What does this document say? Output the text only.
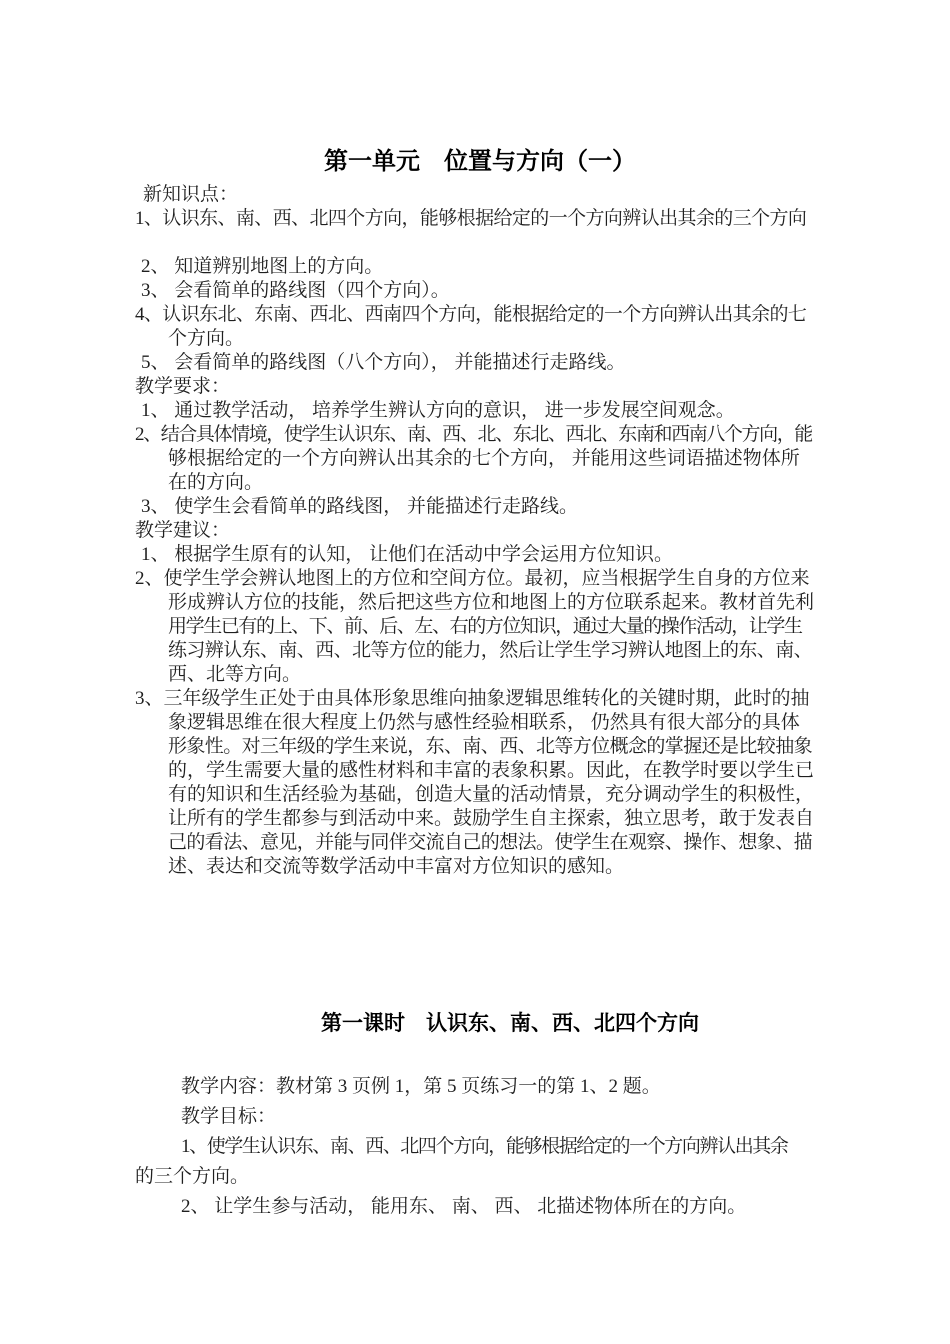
第一单元　位置与方向（一）
新知识点：
1、认识东、南、西、北四个方向，能够根据给定的一个方向辨认出其余的三个方向
2、 知道辨别地图上的方向。
3、 会看简单的路线图（四个方向）。
4、认识东北、东南、西北、西南四个方向，能根据给定的一个方向辨认出其余的七
个方向。
5、 会看简单的路线图（八个方向）， 并能描述行走路线。
教学要求：
1、 通过教学活动， 培养学生辨认方向的意识， 进一步发展空间观念。
2、结合具体情境，使学生认识东、南、西、北、东北、西北、东南和西南八个方向，能
够根据给定的一个方向辨认出其余的七个方向， 并能用这些词语描述物体所
在的方向。
3、 使学生会看简单的路线图， 并能描述行走路线。
教学建议：
1、 根据学生原有的认知， 让他们在活动中学会运用方位知识。
2、使学生学会辨认地图上的方位和空间方位。最初，应当根据学生自身的方位来
形成辨认方位的技能，然后把这些方位和地图上的方位联系起来。教材首先利
用学生已有的上、下、前、后、左、右的方位知识，通过大量的操作活动，让学生
练习辨认东、南、西、北等方位的能力，然后让学生学习辨认地图上的东、南、
西、北等方向。
3、三年级学生正处于由具体形象思维向抽象逻辑思维转化的关键时期，此时的抽
象逻辑思维在很大程度上仍然与感性经验相联系， 仍然具有很大部分的具体
形象性。对三年级的学生来说，东、南、西、北等方位概念的掌握还是比较抽象
的，学生需要大量的感性材料和丰富的表象积累。因此，在教学时要以学生已
有的知识和生活经验为基础，创造大量的活动情景，充分调动学生的积极性，
让所有的学生都参与到活动中来。鼓励学生自主探索，独立思考，敢于发表自
己的看法、意见，并能与同伴交流自己的想法。使学生在观察、操作、想象、描
述、表达和交流等数学活动中丰富对方位知识的感知。
第一课时　认识东、南、西、北四个方向
教学内容：教材第 3 页例 1，第 5 页练习一的第 1、2 题。
教学目标：
1、使学生认识东、南、西、北四个方向，能够根据给定的一个方向辨认出其余
的三个方向。
2、 让学生参与活动， 能用东、 南、 西、 北描述物体所在的方向。
